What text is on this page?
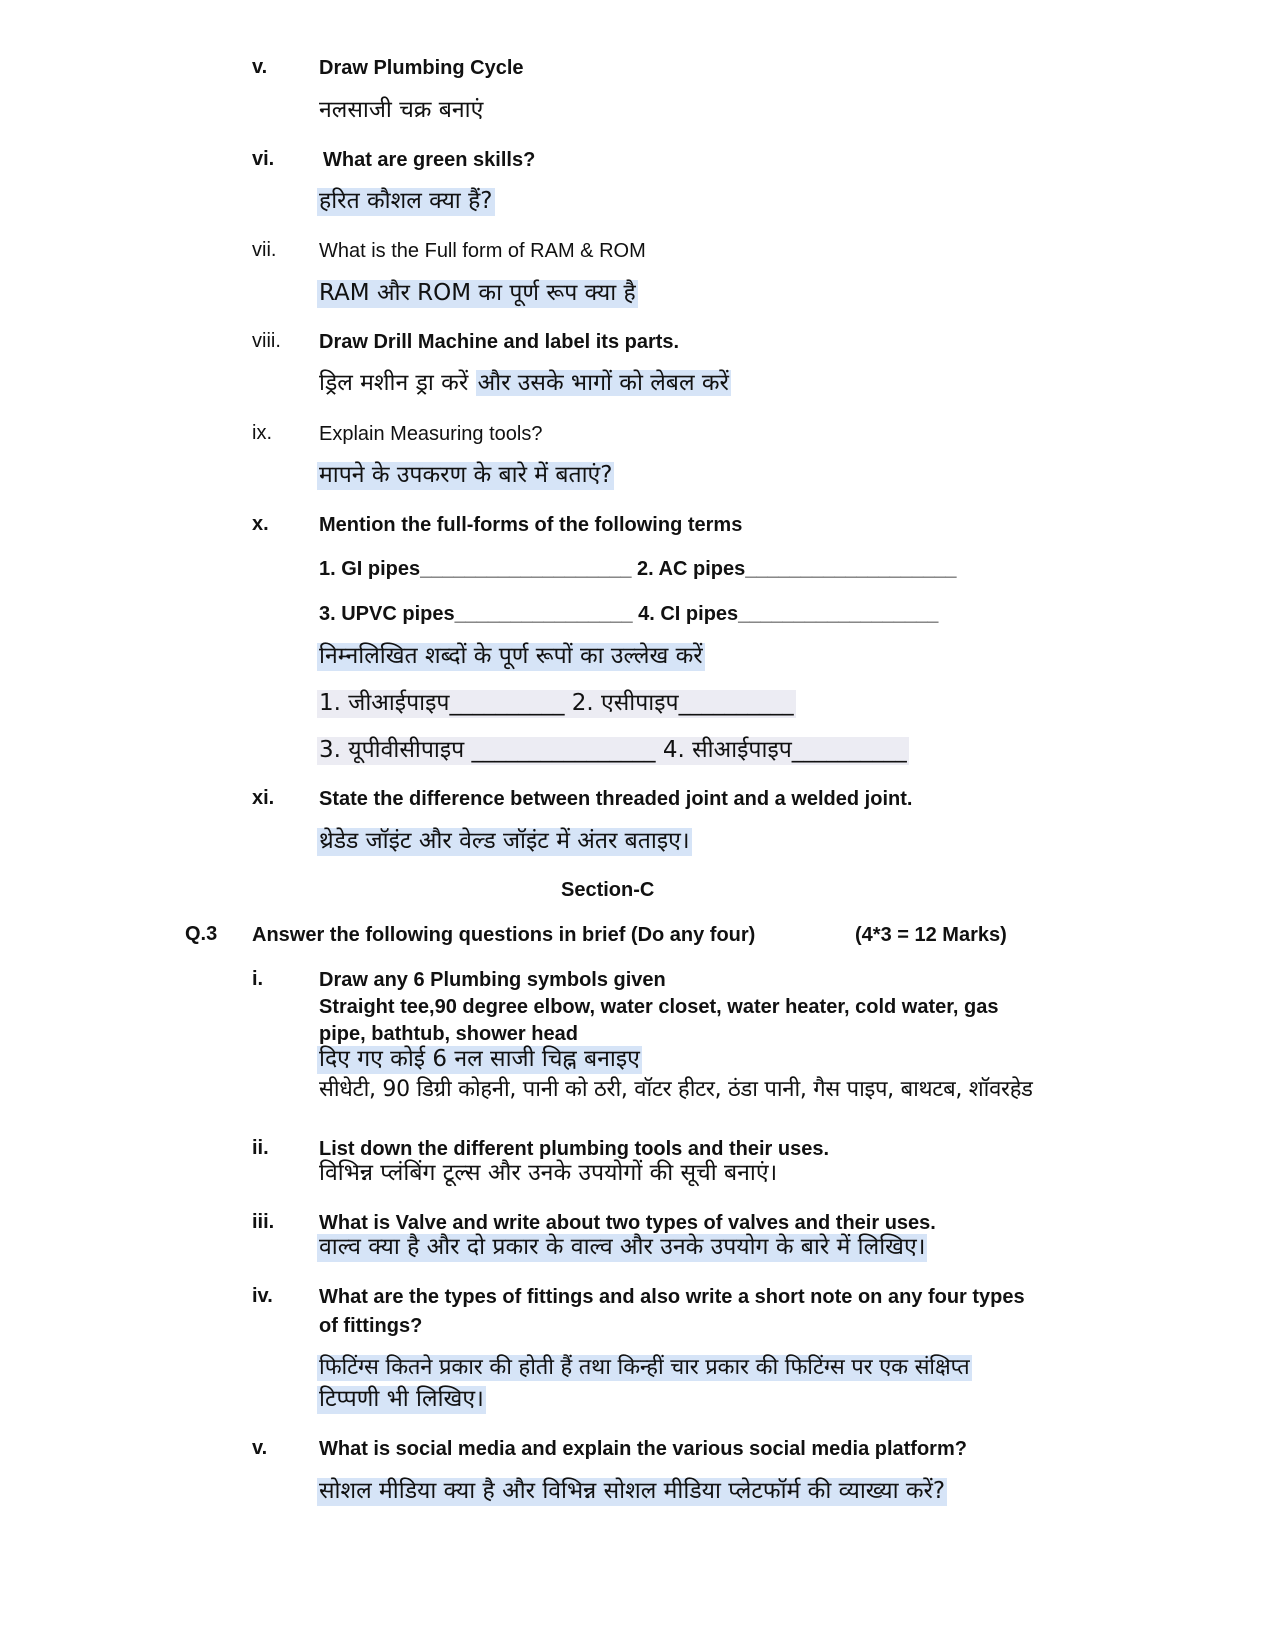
v.	Draw Plumbing Cycle
नलसाजी चक्र बनाएं
vi. What are green skills?
हरित कौशल क्या हैं?
vii. What is the Full form of RAM & ROM
RAM और ROM का पूर्ण रूप क्या है
viii. Draw Drill Machine and label its parts.
ड्रिल मशीन ड्रा करें और उसके भागों को लेबल करें
ix. Explain Measuring tools?
मापने के उपकरण के बारे में बताएं?
x.	Mention the full-forms of the following terms
1. GI pipes___________________ 2. AC pipes___________________
3. UPVC pipes________________ 4. CI pipes__________________
निम्नलिखित शब्दों के पूर्ण रूपों का उल्लेख करें
1. जीआईपाइप__________ 2. एसीपाइप__________
3. यूपीवीसीपाइप ________________ 4. सीआईपाइप__________
xi. State the difference between threaded joint and a welded joint.
थ्रेडेड जॉइंट और वेल्ड जॉइंट में अंतर बताइए।
Section-C
Q.3 Answer the following questions in brief (Do any four)	(4*3 = 12 Marks)
i.	Draw any 6 Plumbing symbols given
Straight tee,90 degree elbow, water closet, water heater, cold water, gas
pipe, bathtub, shower head
दिए गए कोई 6 नल साजी चिह्न बनाइए
सीधेटी, 90 डिग्री कोहनी, पानी को ठरी, वॉटर हीटर, ठंडा पानी, गैस पाइप, बाथटब, शॉवरहेड
ii.	List down the different plumbing tools and their uses.
विभिन्न प्लंबिंग टूल्स और उनके उपयोगों की सूची बनाएं।
iii. What is Valve and write about two types of valves and their uses.
वाल्व क्या है और दो प्रकार के वाल्व और उनके उपयोग के बारे में लिखिए।
iv. What are the types of fittings and also write a short note on any four types
of fittings?
फिटिंग्स कितने प्रकार की होती हैं तथा किन्हीं चार प्रकार की फिटिंग्स पर एक संक्षिप्त
टिप्पणी भी लिखिए।
v.	What is social media and explain the various social media platform?
सोशल मीडिया क्या है और विभिन्न सोशल मीडिया प्लेटफॉर्म की व्याख्या करें?
